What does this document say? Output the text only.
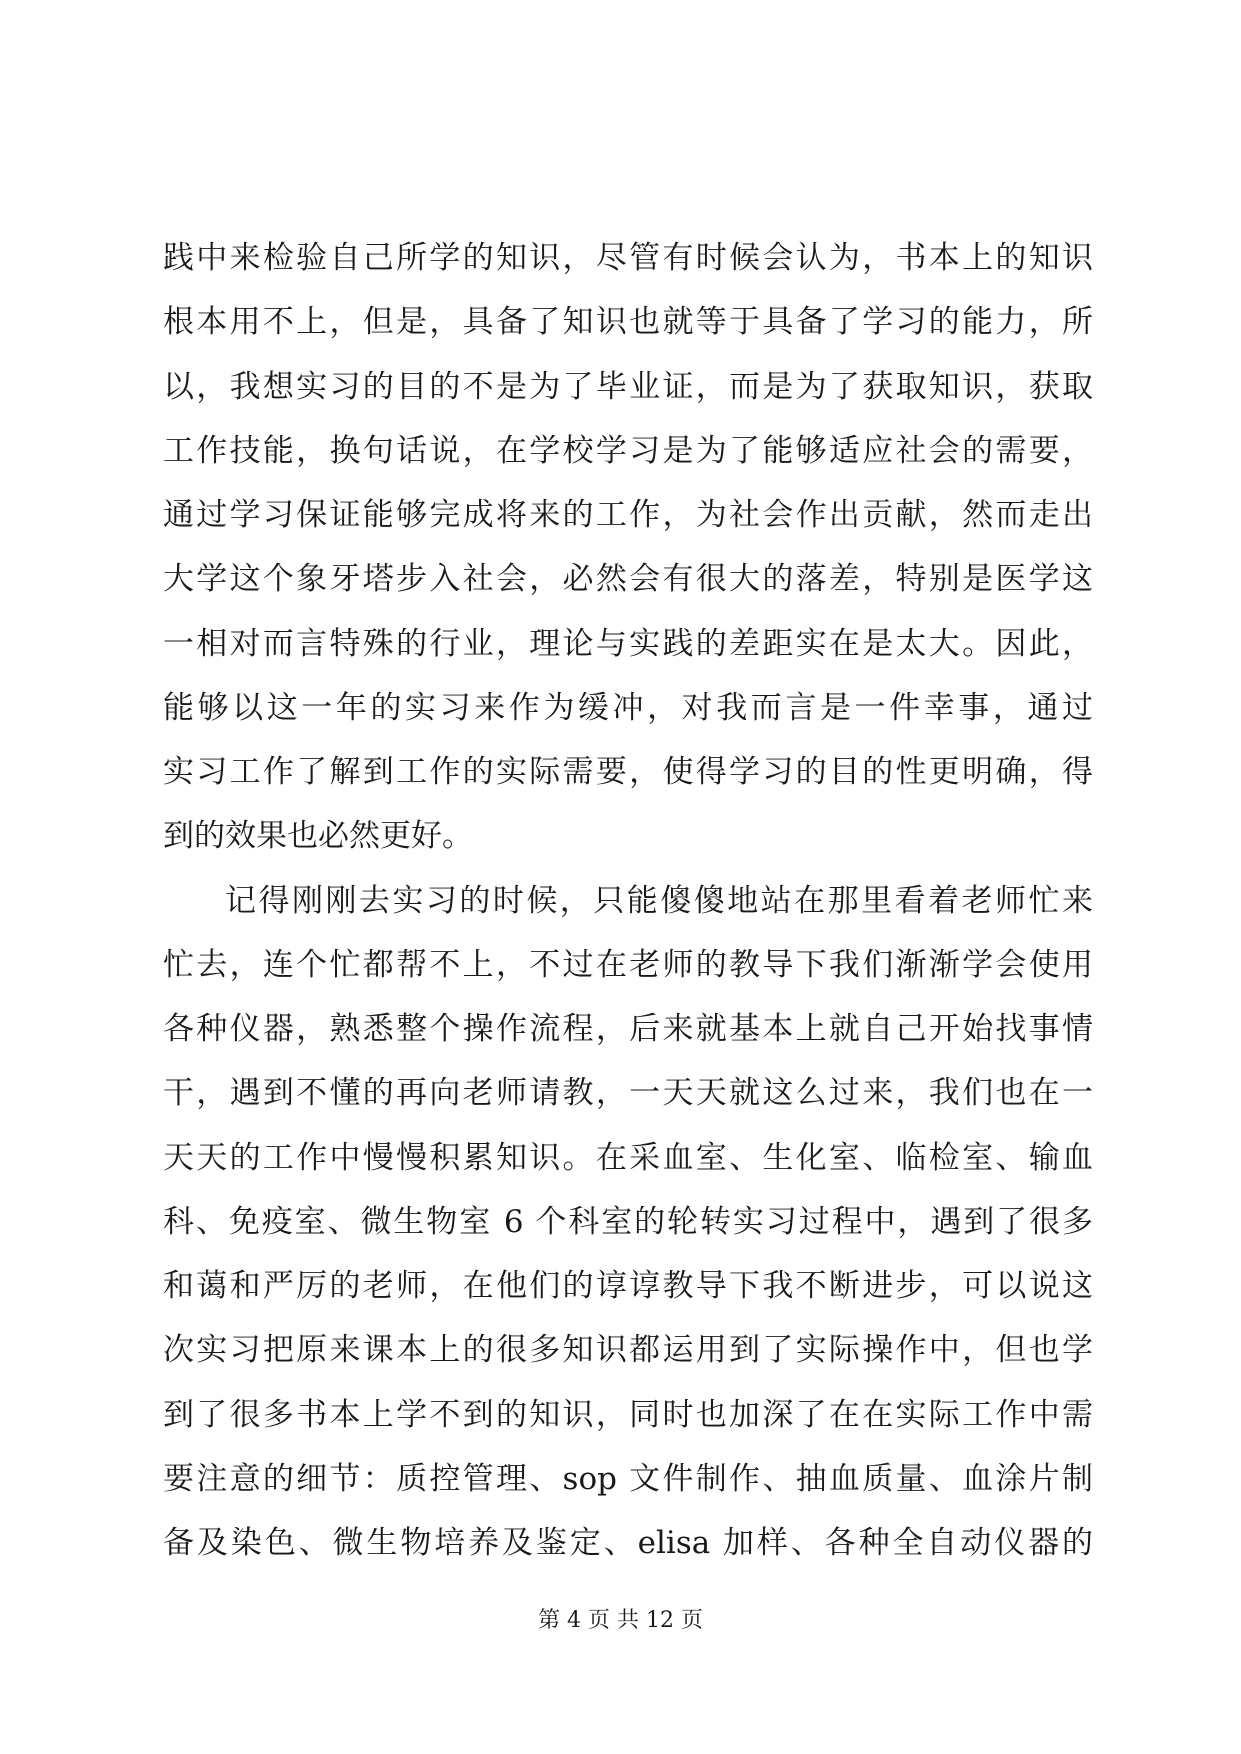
践中来检验自己所学的知识，尽管有时候会认为，书本上的知识
根本用不上，但是，具备了知识也就等于具备了学习的能力，所
以，我想实习的目的不是为了毕业证，而是为了获取知识，获取
工作技能，换句话说，在学校学习是为了能够适应社会的需要，
通过学习保证能够完成将来的工作，为社会作出贡献，然而走出
大学这个象牙塔步入社会，必然会有很大的落差，特别是医学这
一相对而言特殊的行业，理论与实践的差距实在是太大。因此，
能够以这一年的实习来作为缓冲，对我而言是一件幸事，通过
实习工作了解到工作的实际需要，使得学习的目的性更明确，得
到的效果也必然更好。
记得刚刚去实习的时候，只能傻傻地站在那里看着老师忙来
忙去，连个忙都帮不上，不过在老师的教导下我们渐渐学会使用
各种仪器，熟悉整个操作流程，后来就基本上就自己开始找事情
干，遇到不懂的再向老师请教，一天天就这么过来，我们也在一
天天的工作中慢慢积累知识。在采血室、生化室、临检室、输血
科、免疫室、微生物室 6 个科室的轮转实习过程中，遇到了很多
和蔼和严厉的老师，在他们的谆谆教导下我不断进步，可以说这
次实习把原来课本上的很多知识都运用到了实际操作中，但也学
到了很多书本上学不到的知识，同时也加深了在在实际工作中需
要注意的细节：质控管理、sop 文件制作、抽血质量、血涂片制
备及染色、微生物培养及鉴定、elisa 加样、各种全自动仪器的
第 4 页 共 12 页
